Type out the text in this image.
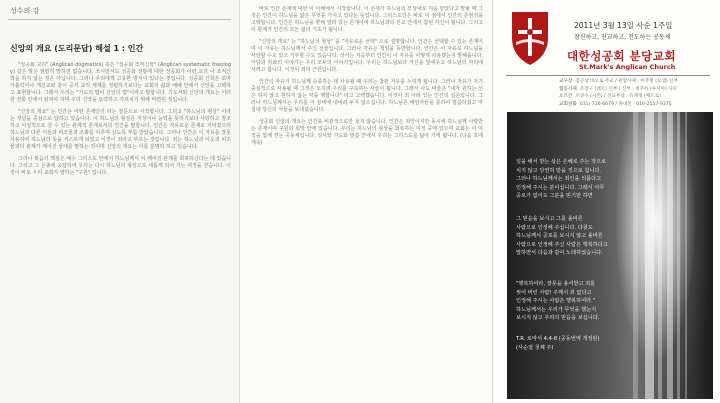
성수의 강
신앙의 개요 (도리문답) 해설 1 : 인간

"성공회 교리" (Anglican dogmatics) 혹은 "성공회 조직신학" (Anglican systematic theology) 같은 말은 엄밀히 말하면 없습니다. 쓰시면서도 성공회 전통에 대한 성공회가 이런 교리 나 조직신학을 하지 않는 것은 아닙니다. 그러나 우리에게 고유한 방식이 있다는 것입니다. 성공회 신학은 로마가톨릭이나 개신교와 같이 공식 교리 체계를 정립하기보다는 교회의 삶과 예배 안에서 신앙을 고백하고 표현합니다. 그래서 우리는 "기도의 법이 신앙의 법"이라고 말합니다. 기도서와 신앙의 개요는 이러한 전통 안에서 읽혀야 하며 우리 신앙을 요약하고 가르치기 위해 마련된 것입니다.

"신앙의 개요" 는 인간은 어떤 존재인가 라는 질문으로 시작합니다. 그리고 "하느님의 형상" 이라는 개념을 중심으로 답하고 있습니다. 이 하느님의 형상은 지성이나 능력을 뜻하기보다 사랑하고 창조하고 이성적으로 살 수 있는 관계적 존재로서의 인간을 말합니다. 인간은 자유로운 존재로 지어졌으며 하느님과 다른 이들과 피조물과 조화를 이루며 살도록 부름 받았습니다. 그러나 인간은 이 자유를 잘못 사용하여 하느님의 뜻을 거스르게 되었고 이것이 죄라고 부르는 것입니다. 죄는 하느님과 이웃과 피조물과의 관계가 깨어진 상태를 말하는 것이며 신앙의 개요는 이를 분명히 하고 있습니다.

그러나 복음의 핵심은 예수 그리스도 안에서 하느님께서 이 깨어진 관계를 회복하신다는 데 있습니다. 그리고 그 은총에 응답하여 우리는 다시 하느님의 형상으로 새롭게 되어 가는 여정을 걷습니다. 이것이 바로 우리 교회가 말하는 "구원" 입니다.

바로 인간 존재에 대한 이 이해에서 시작합니다. 이 존재가 하느님의 모상대로 지음 받았다고 말할 때 그것은 인간이 하느님을 닮은 무엇을 가지고 있다는 뜻입니다. 그리스도인은 바로 이 점에서 인간의 존엄성을 고백합니다. 인간은 하느님을 향해 열려 있는 존재이며 하느님과의 친교 안에서 참된 자신이 됩니다. 그리고 이 관계가 인간의 모든 삶의 기초가 됩니다.

"신앙의 개요" 는 "하느님의 형상" 을 "자유로운 선택" 으로 설명합니다. 인간은 선택할 수 있는 존재이며 이 자유는 하느님께서 주신 선물입니다. 그러나 자유는 책임을 동반합니다. 인간은 이 자유로 하느님을 사랑할 수도 있고 거부할 수도 있습니다. 성서는 처음부터 인간이 이 자유를 어떻게 사용했는지 말해줍니다. 아담과 하와의 이야기는 우리 모두의 이야기입니다. 우리는 하느님보다 자신을 앞세우고 하느님의 자리에 서려고 합니다. 이것이 죄의 근원입니다.

인간의 자유가 하느님께 순종하는 데 사용될 때 우리는 참된 자유를 누리게 됩니다. 그러나 자유가 자기중심적으로 사용될 때 그것은 오히려 우리를 구속하는 사슬이 됩니다. 그래서 사도 바울은 "내가 원하는 선은 하지 않고 원하지 않는 악을 행합니다" 라고 고백했습니다. 이것이 죄 아래 있는 인간의 실존입니다. 그러나 하느님께서는 우리를 이 상태에 내버려 두지 않으십니다. 하느님은 예언자들을 통하여 말씀하셨고 마침내 당신의 아들을 보내셨습니다.

성공회 신앙의 개요는 인간을 비관적으로만 보지 않습니다. 인간은 죄인이지만 동시에 하느님께 사랑받는 존재이며 구원의 희망 안에 있습니다. 우리는 하느님의 형상을 회복하는 여정 중에 있으며 교회는 이 여정을 함께 걷는 공동체입니다. 성사와 기도와 말씀 안에서 우리는 그리스도를 닮아 가게 됩니다. (다음 호에 계속)

2011년 3월 13일 사순 1주일
참신하고, 친교하고, 전도하는 공동체
대한성공회 분당교회
St.Mark's Anglican Church
교구장 김근상 바오로 주교 / 관할사제 : 이주형 (요셉) 신부
협동사제 조장구 (레오) 신부 / 신부 : 정주하 (루시아) 사모
오르간 조상수 (시몬) / 선교부장 : 유재정 (베드로)
교회전화 031) 716-6679 / 휴대폰 : 010-2557-9375
일을 해서 받는 삯은 은혜로 주는 것으로
치지 않고 당연히 받을 것으로 칩니다.
그러나 하느님께서는 죄인을 의롭다고
인정해 주시는 분이십니다. 그래서 아무
공로가 없어도 그분을 믿기만 하면
그 믿음을 보시고 그를 올바른
사람으로 인정해 주십니다. 다윗도
하느님께서 공로를 보시지 않고 올바른
사람으로 인정해 주신 사람은 행복하다고
말하면서 다음과 같이 노래하였습니다.
"행복하여라, 잘못을 용서받고 죄를
씻어 버린 사람! 주께서 죄 없다고
인정해 주시는 사람은 행복하여라."
하느님께서는 우리가 무엇을 했는지
보시지 않고 우리의 믿음을 보십니다.
T.R. 로마서 4:4-8 (공동번역 개정판)
(사순절 첫째 주)
